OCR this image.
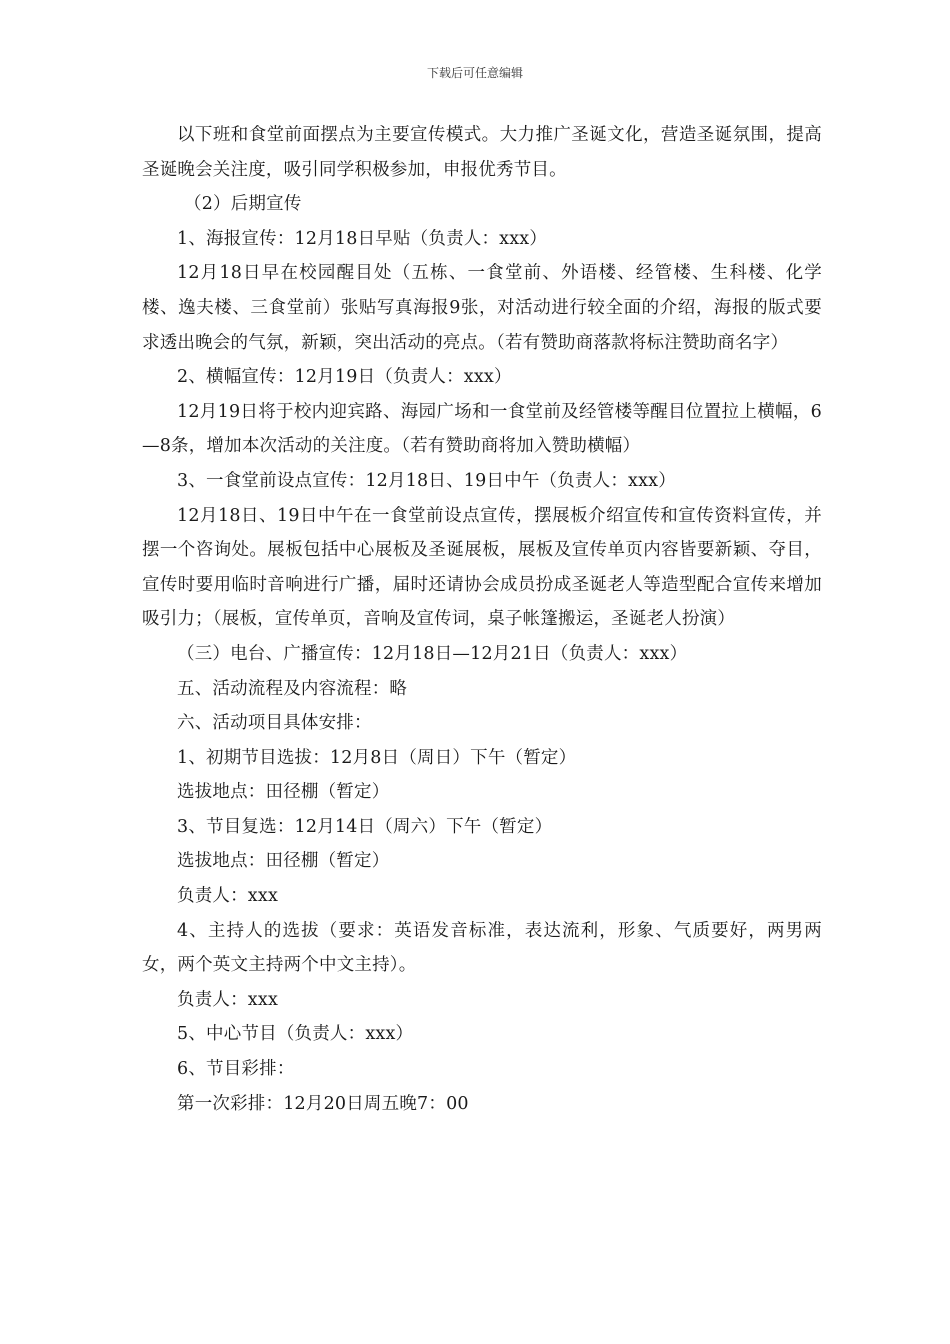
下载后可任意编辑

以下班和食堂前面摆点为主要宣传模式。大力推广圣诞文化，营造圣诞氛围，提高圣诞晚会关注度，吸引同学积极参加，申报优秀节目。

（2）后期宣传

1、海报宣传：12月18日早贴（负责人：xxx）

12月18日早在校园醒目处（五栋、一食堂前、外语楼、经管楼、生科楼、化学楼、逸夫楼、三食堂前）张贴写真海报9张，对活动进行较全面的介绍，海报的版式要求透出晚会的气氛，新颖，突出活动的亮点。（若有赞助商落款将标注赞助商名字）

2、横幅宣传：12月19日（负责人：xxx）

12月19日将于校内迎宾路、海园广场和一食堂前及经管楼等醒目位置拉上横幅，6—8条，增加本次活动的关注度。（若有赞助商将加入赞助横幅）

3、一食堂前设点宣传：12月18日、19日中午（负责人：xxx）

12月18日、19日中午在一食堂前设点宣传，摆展板介绍宣传和宣传资料宣传，并摆一个咨询处。展板包括中心展板及圣诞展板，展板及宣传单页内容皆要新颖、夺目，宣传时要用临时音响进行广播，届时还请协会成员扮成圣诞老人等造型配合宣传来增加吸引力；（展板，宣传单页，音响及宣传词，桌子帐篷搬运，圣诞老人扮演）

（三）电台、广播宣传：12月18日—12月21日（负责人：xxx）

五、活动流程及内容流程：略

六、活动项目具体安排：

1、初期节目选拔：12月8日（周日）下午（暂定）

选拔地点：田径棚（暂定）

3、节目复选：12月14日（周六）下午（暂定）

选拔地点：田径棚（暂定）

负责人：xxx

4、主持人的选拔（要求：英语发音标准，表达流利，形象、气质要好，两男两女，两个英文主持两个中文主持）。

负责人：xxx

5、中心节目（负责人：xxx）

6、节目彩排：

第一次彩排：12月20日周五晚7：00
